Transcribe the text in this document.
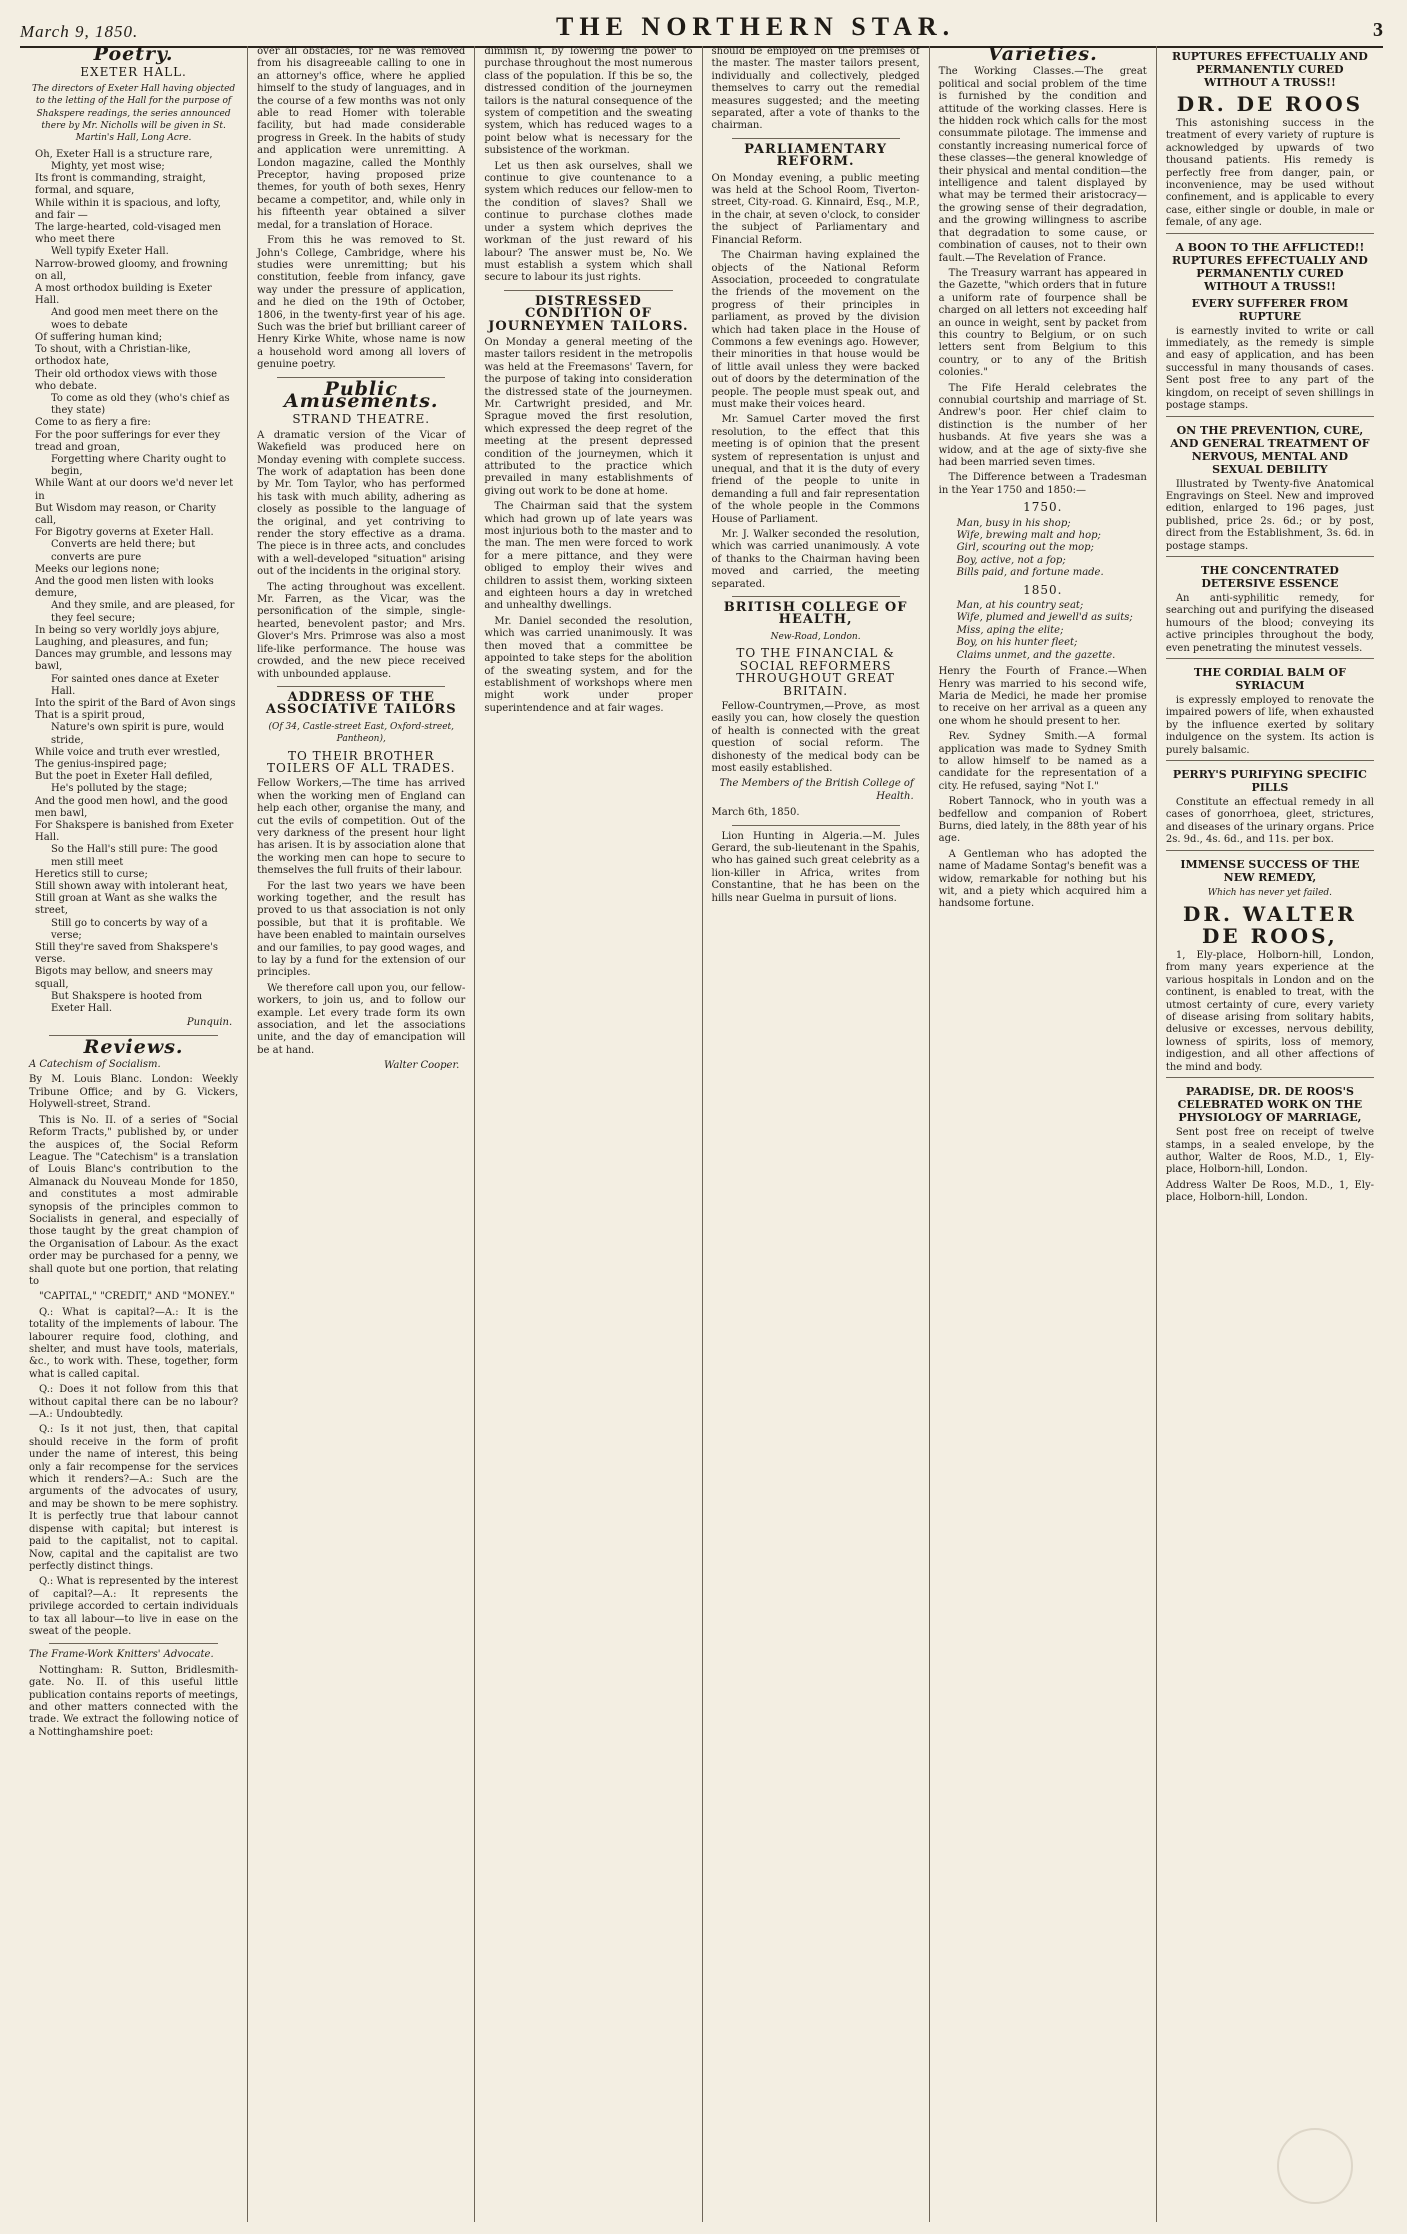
March 9, 1850.	THE NORTHERN STAR.	3
Poetry.
EXETER HALL.
The directors of Exeter Hall having objected to the letting of the Hall for the purpose of Shakspere readings, the series announced there by Mr. Nicholls will be given in St. Martin's Hall, Long Acre.
Oh, Exeter Hall is a structure rare,
Mighty, yet most wise;
Its front is commanding, straight, formal, and square,
While within it is spacious, and lofty, and fair —
The large-hearted, cold-visaged men who meet there
Well typify Exeter Hall.
Narrow-browed gloomy, and frowning on all,
A most orthodox building is Exeter Hall.
And good men meet there on the woes to debate
Of suffering human kind;
To shout, with a Christian-like, orthodox hate,
Their old orthodox views with those who debate.
To come as old they (who's chief as they state)
Come to as fiery a fire:
For the poor sufferings for ever they tread and groan,
Forgetting where Charity ought to begin,
While Want at our doors we'd never let in
But Wisdom may reason, or Charity call,
For Bigotry governs at Exeter Hall.
Converts are held there; but converts are pure
Meeks our legions none;
And the good men listen with looks demure,
And they smile, and are pleased, for they feel secure;
In being so very worldly joys abjure,
Laughing, and pleasures, and fun;
Dances may grumble, and lessons may bawl,
For sainted ones dance at Exeter Hall.
Into the spirit of the Bard of Avon sings
That is a spirit proud,
Nature's own spirit is pure, would stride,
While voice and truth ever wrestled,
The genius-inspired page;
But the poet in Exeter Hall defiled,
He's polluted by the stage;
And the good men howl, and the good men bawl,
For Shakspere is banished from Exeter Hall.
So the Hall's still pure: The good men still meet
Heretics still to curse;
Still shown away with intolerant heat,
Still groan at Want as she walks the street,
Still go to concerts by way of a verse;
Still they're saved from Shakspere's verse.
Bigots may bellow, and sneers may squall,
But Shakspere is hooted from Exeter Hall.
Punquin.
Reviews.

A Catechism of Socialism.

By M. Louis Blanc. London: Weekly Tribune Office; and by G. Vickers, Holywell-street, Strand.

This is No. II. of a series of "Social Reform Tracts," published by, or under the auspices of, the Social Reform League. The "Catechism" is a translation of Louis Blanc's contribution to the Almanack du Nouveau Monde for 1850, and constitutes a most admirable synopsis of the principles common to Socialists in general, and especially of those taught by the great champion of the Organisation of Labour. As the exact order may be purchased for a penny, we shall quote but one portion, that relating to

"CAPITAL," "CREDIT," AND "MONEY."

Q.: What is capital?—A.: It is the totality of the implements of labour. The labourer require food, clothing, and shelter, and must have tools, materials, &c., to work with. These, together, form what is called capital.

Q.: Does it not follow from this that without capital there can be no labour?—A.: Undoubtedly.

Q.: Is it not just, then, that capital should receive in the form of profit under the name of interest, this being only a fair recompense for the services which it renders?—A.: Such are the arguments of the advocates of usury, and may be shown to be mere sophistry. It is perfectly true that labour cannot dispense with capital; but interest is paid to the capitalist, not to capital. Now, capital and the capitalist are two perfectly distinct things.

Q.: What is represented by the interest of capital?—A.: It represents the privilege accorded to certain individuals to tax all labour—to live in ease on the sweat of the people.

The Frame-Work Knitters' Advocate.

Nottingham: R. Sutton, Bridlesmith-gate. No. II. of this useful little publication contains reports of meetings, and other matters connected with the trade. We extract the following notice of a Nottinghamshire poet:

over all obstacles, for he was removed from his disagreeable calling to one in an attorney's office, where he applied himself to the study of languages, and in the course of a few months was not only able to read Homer with tolerable facility, but had made considerable progress in Greek. In the habits of study and application were unremitting. A London magazine, called the Monthly Preceptor, having proposed prize themes, for youth of both sexes, Henry became a competitor, and, while only in his fifteenth year obtained a silver medal, for a translation of Horace.

From this he was removed to St. John's College, Cambridge, where his studies were unremitting; but his constitution, feeble from infancy, gave way under the pressure of application, and he died on the 19th of October, 1806, in the twenty-first year of his age. Such was the brief but brilliant career of Henry Kirke White, whose name is now a household word among all lovers of genuine poetry.

Public Amusements.
STRAND THEATRE.

A dramatic version of the Vicar of Wakefield was produced here on Monday evening with complete success. The work of adaptation has been done by Mr. Tom Taylor, who has performed his task with much ability, adhering as closely as possible to the language of the original, and yet contriving to render the story effective as a drama. The piece is in three acts, and concludes with a well-developed "situation" arising out of the incidents in the original story.

The acting throughout was excellent. Mr. Farren, as the Vicar, was the personification of the simple, single-hearted, benevolent pastor; and Mrs. Glover's Mrs. Primrose was also a most life-like performance. The house was crowded, and the new piece received with unbounded applause.

ADDRESS OF THE ASSOCIATIVE TAILORS
(Of 34, Castle-street East, Oxford-street, Pantheon),
TO THEIR BROTHER TOILERS OF ALL TRADES.

Fellow Workers,—The time has arrived when the working men of England can help each other, organise the many, and cut the evils of competition. Out of the very darkness of the present hour light has arisen. It is by association alone that the working men can hope to secure to themselves the full fruits of their labour.

For the last two years we have been working together, and the result has proved to us that association is not only possible, but that it is profitable. We have been enabled to maintain ourselves and our families, to pay good wages, and to lay by a fund for the extension of our principles.

We therefore call upon you, our fellow-workers, to join us, and to follow our example. Let every trade form its own association, and let the associations unite, and the day of emancipation will be at hand.

Walter Cooper.

diminish it, by lowering the power to purchase throughout the most numerous class of the population. If this be so, the distressed condition of the journeymen tailors is the natural consequence of the system of competition and the sweating system, which has reduced wages to a point below what is necessary for the subsistence of the workman.

Let us then ask ourselves, shall we continue to give countenance to a system which reduces our fellow-men to the condition of slaves? Shall we continue to purchase clothes made under a system which deprives the workman of the just reward of his labour? The answer must be, No. We must establish a system which shall secure to labour its just rights.

DISTRESSED CONDITION OF JOURNEYMEN TAILORS.

On Monday a general meeting of the master tailors resident in the metropolis was held at the Freemasons' Tavern, for the purpose of taking into consideration the distressed state of the journeymen. Mr. Cartwright presided, and Mr. Sprague moved the first resolution, which expressed the deep regret of the meeting at the present depressed condition of the journeymen, which it attributed to the practice which prevailed in many establishments of giving out work to be done at home.

The Chairman said that the system which had grown up of late years was most injurious both to the master and to the man. The men were forced to work for a mere pittance, and they were obliged to employ their wives and children to assist them, working sixteen and eighteen hours a day in wretched and unhealthy dwellings.

Mr. Daniel seconded the resolution, which was carried unanimously. It was then moved that a committee be appointed to take steps for the abolition of the sweating system, and for the establishment of workshops where men might work under proper superintendence and at fair wages.

should be employed on the premises of the master. The master tailors present, individually and collectively, pledged themselves to carry out the remedial measures suggested; and the meeting separated, after a vote of thanks to the chairman.

PARLIAMENTARY REFORM.

On Monday evening, a public meeting was held at the School Room, Tiverton-street, City-road. G. Kinnaird, Esq., M.P., in the chair, at seven o'clock, to consider the subject of Parliamentary and Financial Reform.

The Chairman having explained the objects of the National Reform Association, proceeded to congratulate the friends of the movement on the progress of their principles in parliament, as proved by the division which had taken place in the House of Commons a few evenings ago. However, their minorities in that house would be of little avail unless they were backed out of doors by the determination of the people. The people must speak out, and must make their voices heard.

Mr. Samuel Carter moved the first resolution, to the effect that this meeting is of opinion that the present system of representation is unjust and unequal, and that it is the duty of every friend of the people to unite in demanding a full and fair representation of the whole people in the Commons House of Parliament.

Mr. J. Walker seconded the resolution, which was carried unanimously. A vote of thanks to the Chairman having been moved and carried, the meeting separated.

BRITISH COLLEGE OF HEALTH,
New-Road, London.
TO THE FINANCIAL & SOCIAL REFORMERS THROUGHOUT GREAT BRITAIN.

Fellow-Countrymen,—Prove, as most easily you can, how closely the question of health is connected with the great question of social reform. The dishonesty of the medical body can be most easily established.

The Members of the British College of Health.

March 6th, 1850.

Lion Hunting in Algeria.—M. Jules Gerard, the sub-lieutenant in the Spahis, who has gained such great celebrity as a lion-killer in Africa, writes from Constantine, that he has been on the hills near Guelma in pursuit of lions.

Varieties.

The Working Classes.—The great political and social problem of the time is furnished by the condition and attitude of the working classes. Here is the hidden rock which calls for the most consummate pilotage. The immense and constantly increasing numerical force of these classes—the general knowledge of their physical and mental condition—the intelligence and talent displayed by what may be termed their aristocracy—the growing sense of their degradation, and the growing willingness to ascribe that degradation to some cause, or combination of causes, not to their own fault.—The Revelation of France.

The Treasury warrant has appeared in the Gazette, "which orders that in future a uniform rate of fourpence shall be charged on all letters not exceeding half an ounce in weight, sent by packet from this country to Belgium, or on such letters sent from Belgium to this country, or to any of the British colonies."

The Fife Herald celebrates the connubial courtship and marriage of St. Andrew's poor. Her chief claim to distinction is the number of her husbands. At five years she was a widow, and at the age of sixty-five she had been married seven times.

The Difference between a Tradesman in the Year 1750 and 1850:—

1750.
Man, busy in his shop;
Wife, brewing malt and hop;
Girl, scouring out the mop;
Boy, active, not a fop;
Bills paid, and fortune made.
1850.
Man, at his country seat;
Wife, plumed and jewell'd as suits;
Miss, aping the elite;
Boy, on his hunter fleet;
Claims unmet, and the gazette.

Henry the Fourth of France.—When Henry was married to his second wife, Maria de Medici, he made her promise to receive on her arrival as a queen any one whom he should present to her.

Rev. Sydney Smith.—A formal application was made to Sydney Smith to allow himself to be named as a candidate for the representation of a city. He refused, saying "Not I."

Robert Tannock, who in youth was a bedfellow and companion of Robert Burns, died lately, in the 88th year of his age.

A Gentleman who has adopted the name of Madame Sontag's benefit was a widow, remarkable for nothing but his wit, and a piety which acquired him a handsome fortune.

RUPTURES EFFECTUALLY AND PERMANENTLY CURED WITHOUT A TRUSS!!
DR. DE ROOS

This astonishing success in the treatment of every variety of rupture is acknowledged by upwards of two thousand patients. His remedy is perfectly free from danger, pain, or inconvenience, may be used without confinement, and is applicable to every case, either single or double, in male or female, of any age.

A BOON TO THE AFFLICTED!! RUPTURES EFFECTUALLY AND PERMANENTLY CURED WITHOUT A TRUSS!!
EVERY SUFFERER FROM RUPTURE

is earnestly invited to write or call immediately, as the remedy is simple and easy of application, and has been successful in many thousands of cases. Sent post free to any part of the kingdom, on receipt of seven shillings in postage stamps.

ON THE PREVENTION, CURE, AND GENERAL TREATMENT OF NERVOUS, MENTAL AND SEXUAL DEBILITY

Illustrated by Twenty-five Anatomical Engravings on Steel. New and improved edition, enlarged to 196 pages, just published, price 2s. 6d.; or by post, direct from the Establishment, 3s. 6d. in postage stamps.

THE CONCENTRATED DETERSIVE ESSENCE

An anti-syphilitic remedy, for searching out and purifying the diseased humours of the blood; conveying its active principles throughout the body, even penetrating the minutest vessels.

THE CORDIAL BALM OF SYRIACUM

is expressly employed to renovate the impaired powers of life, when exhausted by the influence exerted by solitary indulgence on the system. Its action is purely balsamic.

PERRY'S PURIFYING SPECIFIC PILLS

Constitute an effectual remedy in all cases of gonorrhoea, gleet, strictures, and diseases of the urinary organs. Price 2s. 9d., 4s. 6d., and 11s. per box.

IMMENSE SUCCESS OF THE NEW REMEDY,
Which has never yet failed.
DR. WALTER DE ROOS,

1, Ely-place, Holborn-hill, London, from many years experience at the various hospitals in London and on the continent, is enabled to treat, with the utmost certainty of cure, every variety of disease arising from solitary habits, delusive or excesses, nervous debility, lowness of spirits, loss of memory, indigestion, and all other affections of the mind and body.

PARADISE, DR. DE ROOS'S CELEBRATED WORK ON THE PHYSIOLOGY OF MARRIAGE,

Sent post free on receipt of twelve stamps, in a sealed envelope, by the author, Walter de Roos, M.D., 1, Ely-place, Holborn-hill, London.

Address Walter De Roos, M.D., 1, Ely-place, Holborn-hill, London.
